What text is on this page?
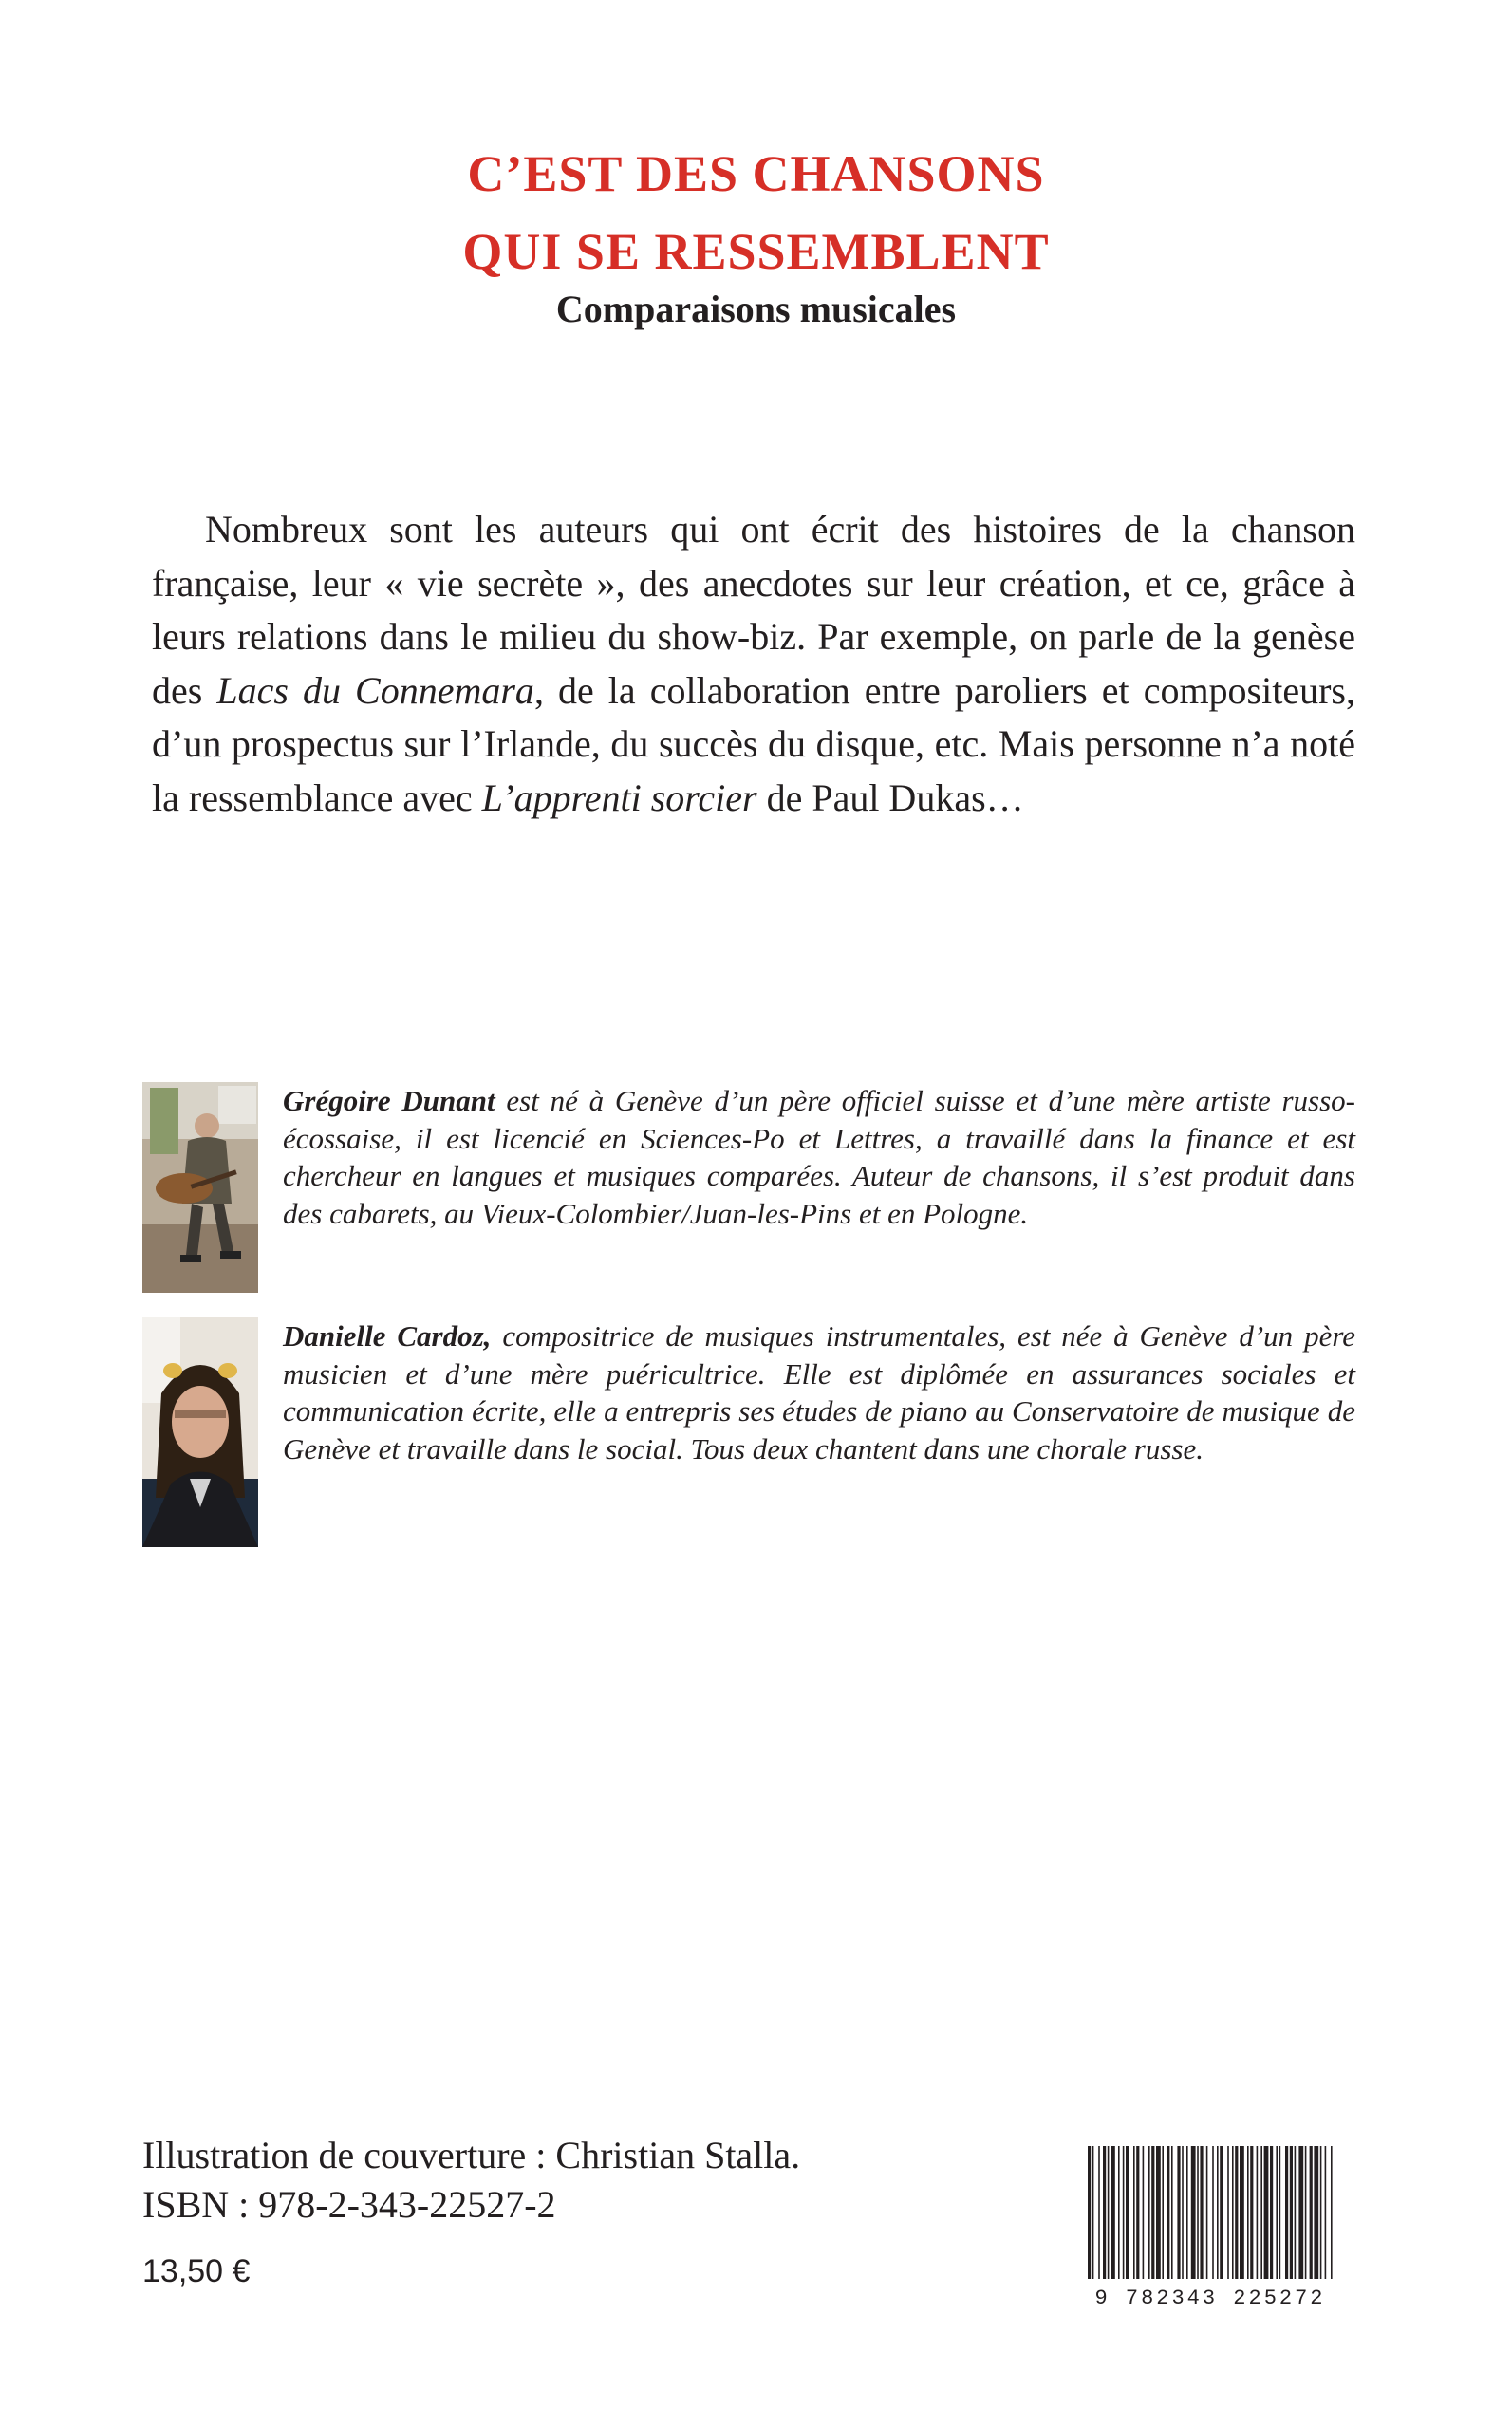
C’EST DES CHANSONS
QUI SE RESSEMBLENT
Comparaisons musicales

Nombreux sont les auteurs qui ont écrit des histoires de la chanson française, leur « vie secrète », des anecdotes sur leur création, et ce, grâce à leurs relations dans le milieu du show-biz. Par exemple, on parle de la genèse des Lacs du Connemara, de la collaboration entre paroliers et compositeurs, d’un prospectus sur l’Irlande, du succès du disque, etc. Mais personne n’a noté la ressemblance avec L’apprenti sorcier de Paul Dukas…

Grégoire Dunant est né à Genève d’un père officiel suisse et d’une mère artiste russo-écossaise, il est licencié en Sciences-Po et Lettres, a travaillé dans la finance et est chercheur en langues et musiques comparées. Auteur de chansons, il s’est produit dans des cabarets, au Vieux-Colombier/Juan-les-Pins et en Pologne.

Danielle Cardoz, compositrice de musiques instrumentales, est née à Genève d’un père musicien et d’une mère puéricultrice. Elle est diplômée en assurances sociales et communication écrite, elle a entrepris ses études de piano au Conservatoire de musique de Genève et travaille dans le social. Tous deux chantent dans une chorale russe.

Illustration de couverture : Christian Stalla.
ISBN : 978-2-343-22527-2
13,50 €
9 782343 225272
